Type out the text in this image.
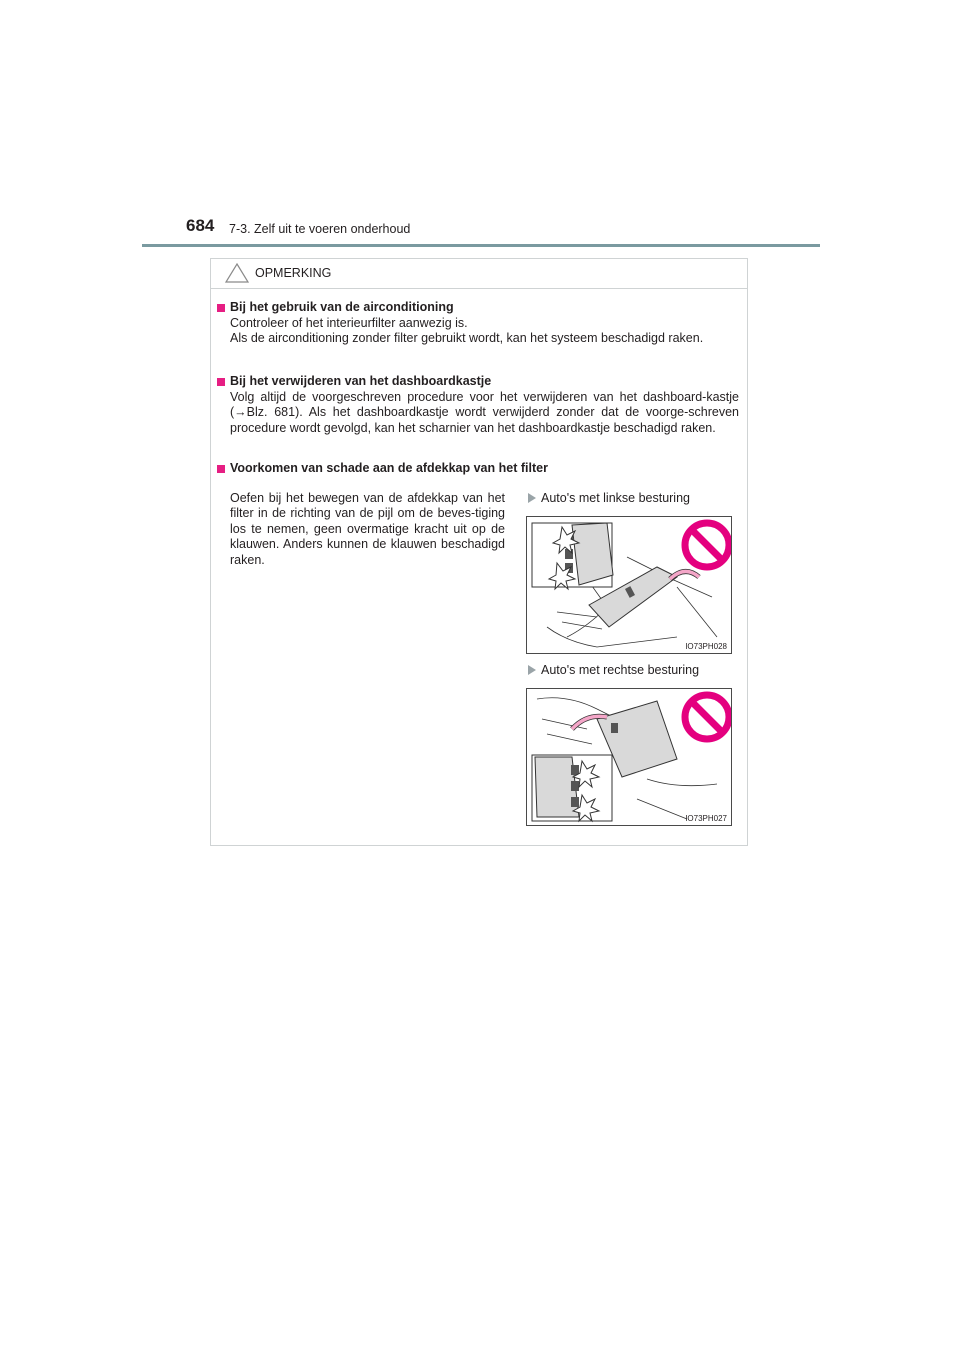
684 7-3. Zelf uit te voeren onderhoud
OPMERKING
Bij het gebruik van de airconditioning
Controleer of het interieurfilter aanwezig is.
Als de airconditioning zonder filter gebruikt wordt, kan het systeem beschadigd raken.
Bij het verwijderen van het dashboardkastje
Volg altijd de voorgeschreven procedure voor het verwijderen van het dashboard-kastje (→Blz. 681). Als het dashboardkastje wordt verwijderd zonder dat de voorge-schreven procedure wordt gevolgd, kan het scharnier van het dashboardkastje beschadigd raken.
Voorkomen van schade aan de afdekkap van het filter
Oefen bij het bewegen van de afdekkap van het filter in de richting van de pijl om de beves-tiging los te nemen, geen overmatige kracht uit op de klauwen. Anders kunnen de klauwen beschadigd raken.
Auto's met linkse besturing
IO73PH028
Auto's met rechtse besturing
IO73PH027
